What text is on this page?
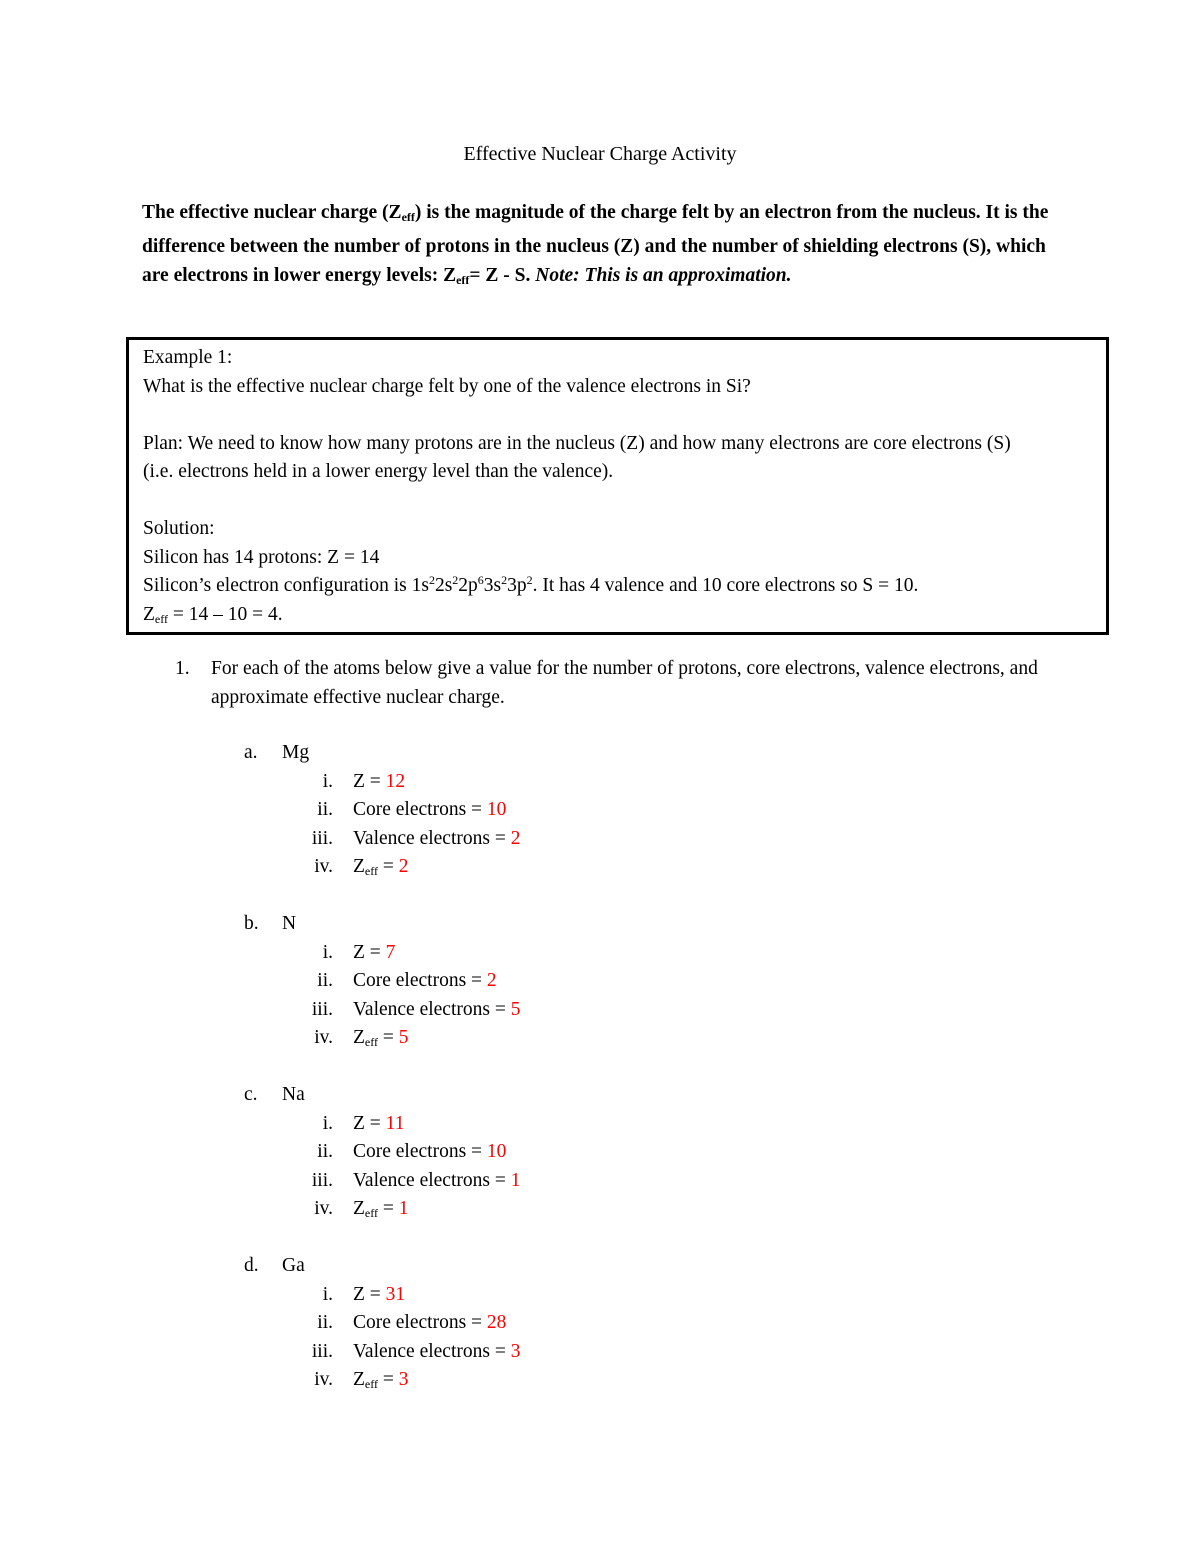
Effective Nuclear Charge Activity
The effective nuclear charge $(Z_{eff})$ is the magnitude of the charge felt by an electron from the nucleus. It is the difference between the number of protons in the nucleus (Z) and the number of shielding electrons (S), which are electrons in lower energy levels: $Z_{eff}= Z - S$. Note: This is an approximation.

Example 1:

What is the effective nuclear charge felt by one of the valence electrons in Si?

Plan: We need to know how many protons are in the nucleus (Z) and how many electrons are core electrons (S) (i.e. electrons held in a lower energy level than the valence).

Solution:

Silicon has 14 protons: Z = 14

Silicon’s electron configuration is $1s^22s^22p^63s^23p^2$. It has 4 valence and 10 core electrons so S = 10.

$Z_{eff} = 14 - 10 = 4$.

1. For each of the atoms below give a value for the number of protons, core electrons, valence electrons, and approximate effective nuclear charge.
a.	Mg
i. Z = 12
ii. Core electrons = 10
iii. Valence electrons = 2
iv. $Z_{eff} = 2$
b.	N
i. Z = 7
ii. Core electrons = 2
iii. Valence electrons = 5
iv. $Z_{eff} = 5$
c.	Na
i. Z = 11
ii. Core electrons = 10
iii. Valence electrons = 1
iv. $Z_{eff} = 1$
d.	Ga
i. Z = 31
ii. Core electrons = 28
iii. Valence electrons = 3
iv. $Z_{eff} = 3$
